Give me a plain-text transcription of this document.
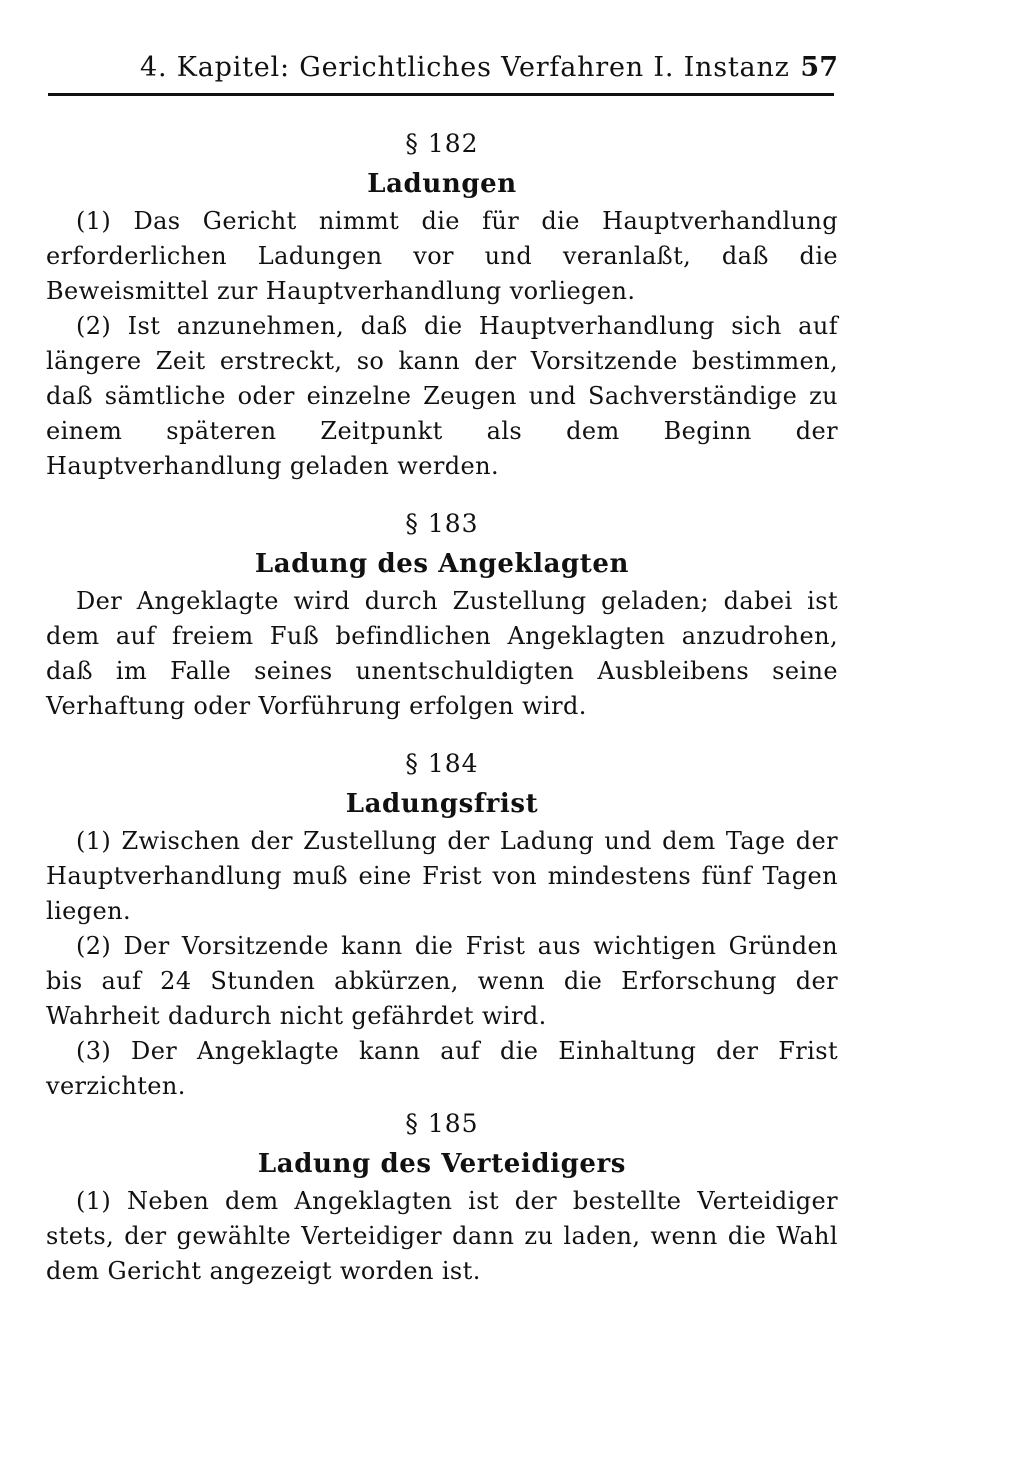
4. Kapitel: Gerichtliches Verfahren I. Instanz 57
§ 182
Ladungen

(1) Das Gericht nimmt die für die Hauptverhandlung erforderlichen Ladungen vor und veranlaßt, daß die Beweismittel zur Hauptverhandlung vorliegen.

(2) Ist anzunehmen, daß die Hauptverhandlung sich auf längere Zeit erstreckt, so kann der Vorsitzende bestimmen, daß sämtliche oder einzelne Zeugen und Sachverständige zu einem späteren Zeitpunkt als dem Beginn der Hauptverhandlung geladen werden.

§ 183
Ladung des Angeklagten

Der Angeklagte wird durch Zustellung geladen; dabei ist dem auf freiem Fuß befindlichen Angeklagten anzudrohen, daß im Falle seines unentschuldigten Ausbleibens seine Verhaftung oder Vorführung erfolgen wird.

§ 184
Ladungsfrist

(1) Zwischen der Zustellung der Ladung und dem Tage der Hauptverhandlung muß eine Frist von mindestens fünf Tagen liegen.

(2) Der Vorsitzende kann die Frist aus wichtigen Gründen bis auf 24 Stunden abkürzen, wenn die Erforschung der Wahrheit dadurch nicht gefährdet wird.

(3) Der Angeklagte kann auf die Einhaltung der Frist verzichten.

§ 185
Ladung des Verteidigers

(1) Neben dem Angeklagten ist der bestellte Verteidiger stets, der gewählte Verteidiger dann zu laden, wenn die Wahl dem Gericht angezeigt worden ist.
